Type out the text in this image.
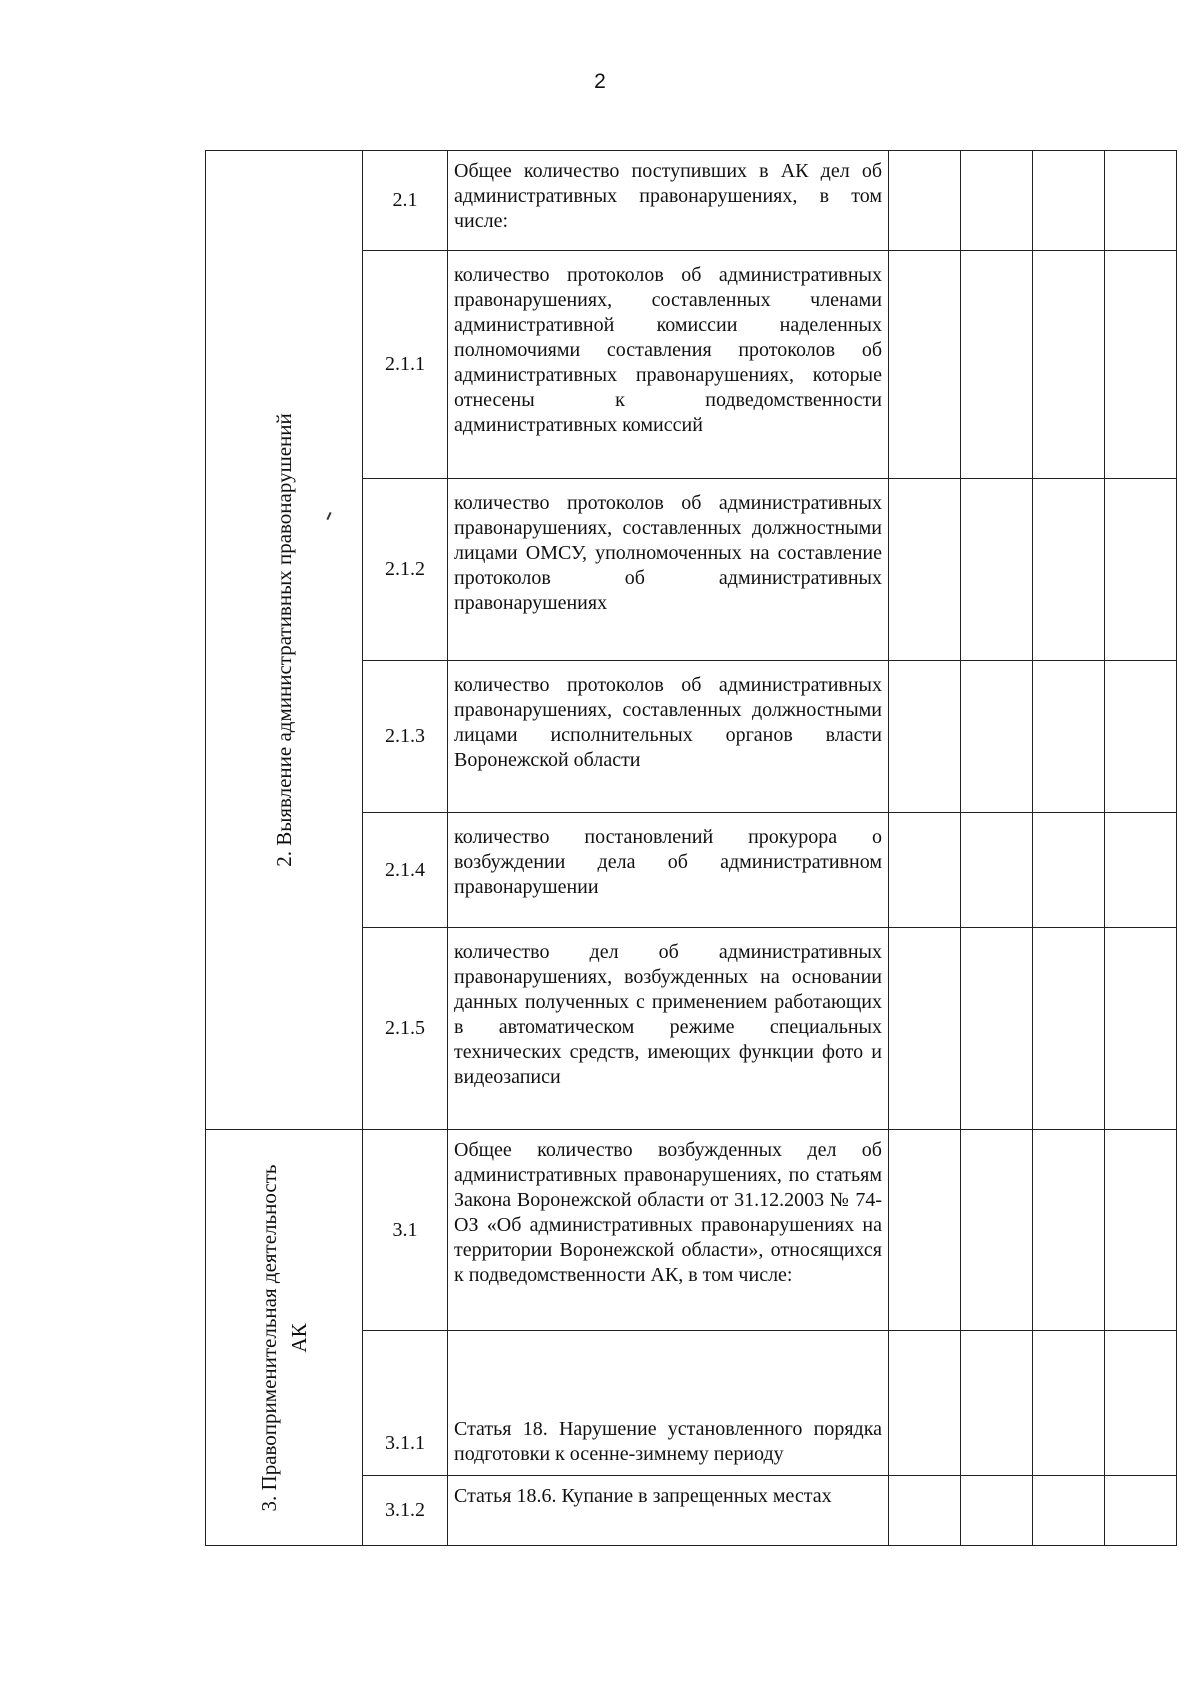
2
2. Выявление административных правонарушений	2.1	Общее количество поступивших в АК дел об административных правонарушениях, в том числе:				
	2.1.1	количество протоколов об административных правонарушениях, составленных членами административной комиссии наделенных полномочиями составления протоколов об административных правонарушениях, которые отнесены к подведомственности административных комиссий				
	2.1.2	количество протоколов об административных правонарушениях, составленных должностными лицами ОМСУ, уполномоченных на составление протоколов об административных правонарушениях				
	2.1.3	количество протоколов об административных правонарушениях, составленных должностными лицами исполнительных органов власти Воронежской области				
	2.1.4	количество постановлений прокурора о возбуждении дела об административном правонарушении				
	2.1.5	количество дел об административных правонарушениях, возбужденных на основании данных полученных с применением работающих в автоматическом режиме специальных технических средств, имеющих функции фото и видеозаписи				

3. Правоприменительная деятельность АК	3.1	Общее количество возбужденных дел об административных правонарушениях, по статьям Закона Воронежской области от 31.12.2003 № 74-ОЗ «Об административных правонарушениях на территории Воронежской области», относящихся к подведомственности АК, в том числе:				
	3.1.1	Статья 18. Нарушение установленного порядка подготовки к осенне-зимнему периоду				
	3.1.2	Статья 18.6. Купание в запрещенных местах				
